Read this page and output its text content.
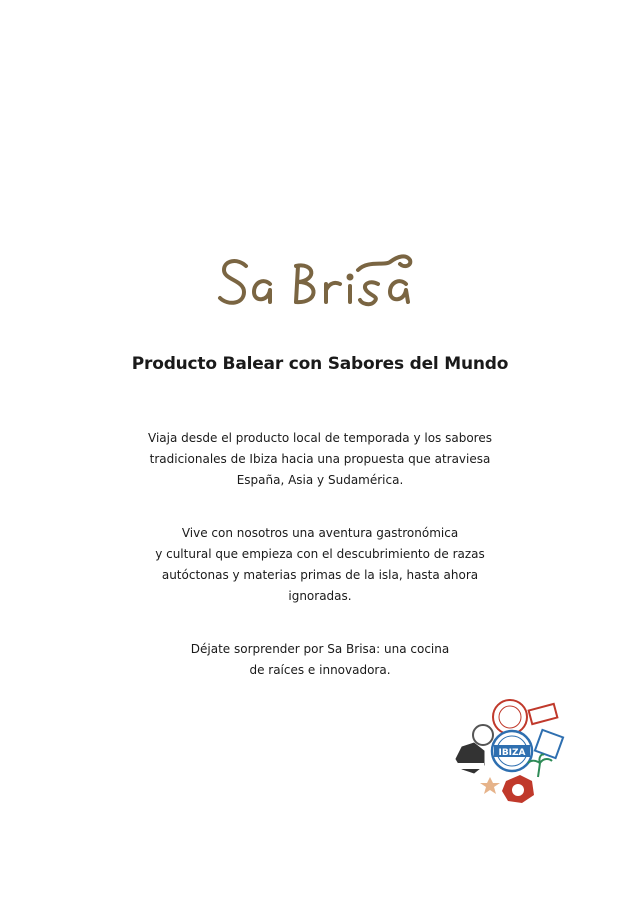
Producto Balear con Sabores del Mundo

Viaja desde el producto local de temporada y los sabores

tradicionales de Ibiza hacia una propuesta que atraviesa

España, Asia y Sudamérica.

Vive con nosotros una aventura gastronómica

y cultural que empieza con el descubrimiento de razas

autóctonas y materias primas de la isla, hasta ahora

ignoradas.

Déjate sorprender por Sa Brisa: una cocina

de raíces e innovadora.

IBIZA
